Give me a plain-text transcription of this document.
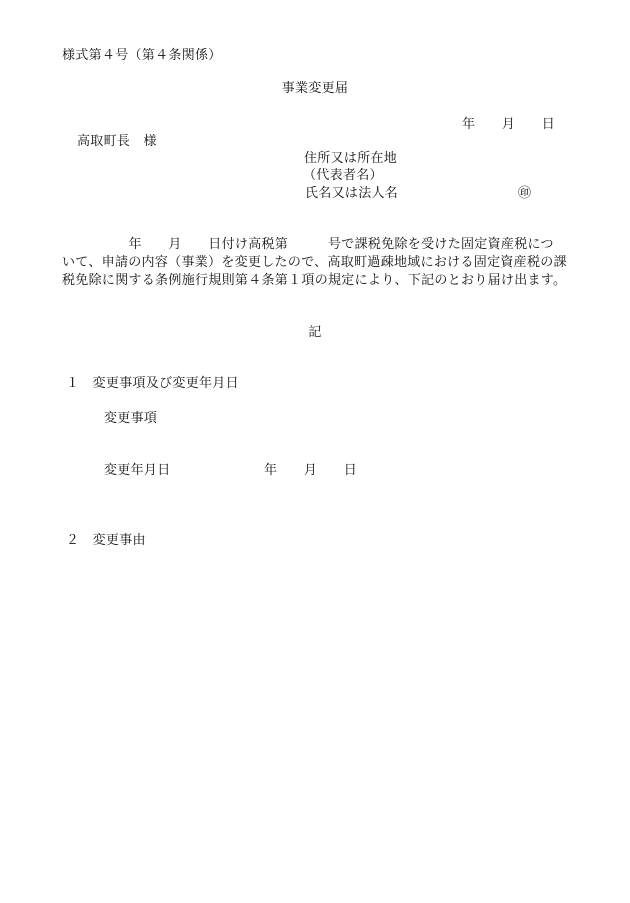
様式第４号（第４条関係）
事業変更届
年　　月　　日
高取町長　様
住所又は所在地
（代表者名）
氏名又は法人名	㊞
　　　　　年　　月　　日付け高税第　　　号で課税免除を受けた固定資産税につ
いて、申請の内容（事業）を変更したので、高取町過疎地域における固定資産税の課
税免除に関する条例施行規則第４条第１項の規定により、下記のとおり届け出ます。
記
１　変更事項及び変更年月日
変更事項
変更年月日	年　　月　　日
２　変更事由
